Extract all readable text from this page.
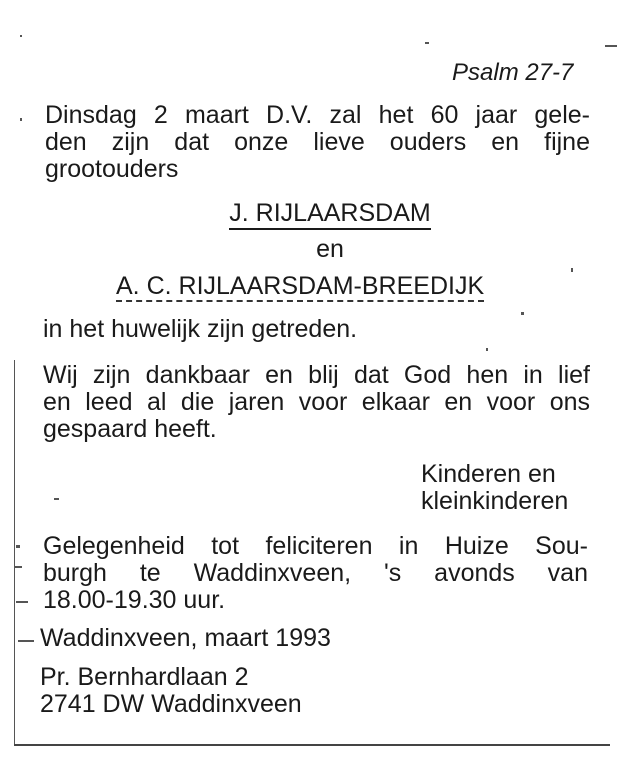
Psalm 27-7
Dinsdag 2 maart D.V. zal het 60 jaar gele-
den zijn dat onze lieve ouders en fijne
grootouders
J. RIJLAARSDAM
en
A. C. RIJLAARSDAM-BREEDIJK
in het huwelijk zijn getreden.
Wij zijn dankbaar en blij dat God hen in lief
en leed al die jaren voor elkaar en voor ons
gespaard heeft.
Kinderen en
kleinkinderen
Gelegenheid tot feliciteren in Huize Sou-
burgh te Waddinxveen, 's avonds van
18.00-19.30 uur.
Waddinxveen, maart 1993
Pr. Bernhardlaan 2
2741 DW Waddinxveen
